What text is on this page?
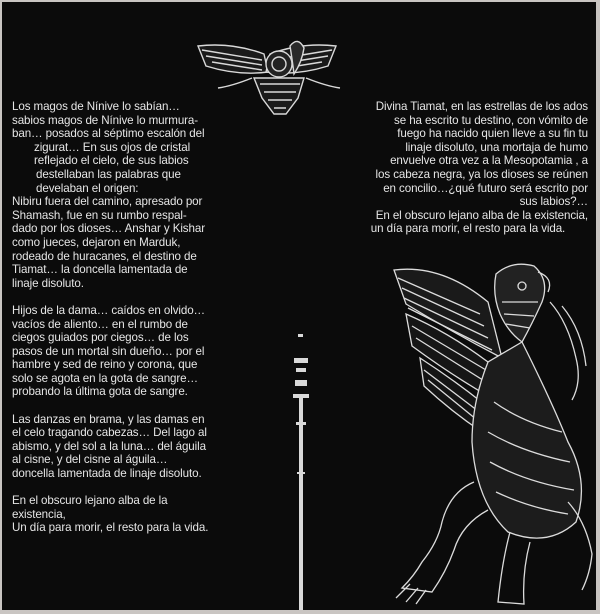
Los magos de Nínive lo sabían…
sabios magos de Nínive lo murmura-
ban… posados al séptimo escalón del
zigurat… En sus ojos de cristal
reflejado el cielo, de sus labios
destellaban las palabras que
develaban el origen:
Nibiru fuera del camino, apresado por
Shamash, fue en su rumbo respal-
dado por los dioses… Anshar y Kishar
como jueces, dejaron en Marduk,
rodeado de huracanes, el destino de
Tiamat… la doncella lamentada de
linaje disoluto.

Hijos de la dama… caídos en olvido…
vacíos de aliento… en el rumbo de
ciegos guiados por ciegos… de los
pasos de un mortal sin dueño… por el
hambre y sed de reino y corona, que
solo se agota en la gota de sangre…
probando la última gota de sangre.

Las danzas en brama, y las damas en
el celo tragando cabezas… Del lago al
abismo, y del sol a la luna… del águila
al cisne, y del cisne al águila…
doncella lamentada de linaje disoluto.

En el obscuro lejano alba de la
existencia,
Un día para morir, el resto para la vida.

Divina Tiamat, en las estrellas de los ados
se ha escrito tu destino, con vómito de
fuego ha nacido quien lleve a su fin tu
linaje disoluto, una mortaja de humo
envuelve otra vez a la Mesopotamia , a
los cabeza negra, ya los dioses se reúnen
en concilio…¿qué futuro será escrito por
sus labios?…

En el obscuro lejano alba de la existencia,
un día para morir, el resto para la vida.
